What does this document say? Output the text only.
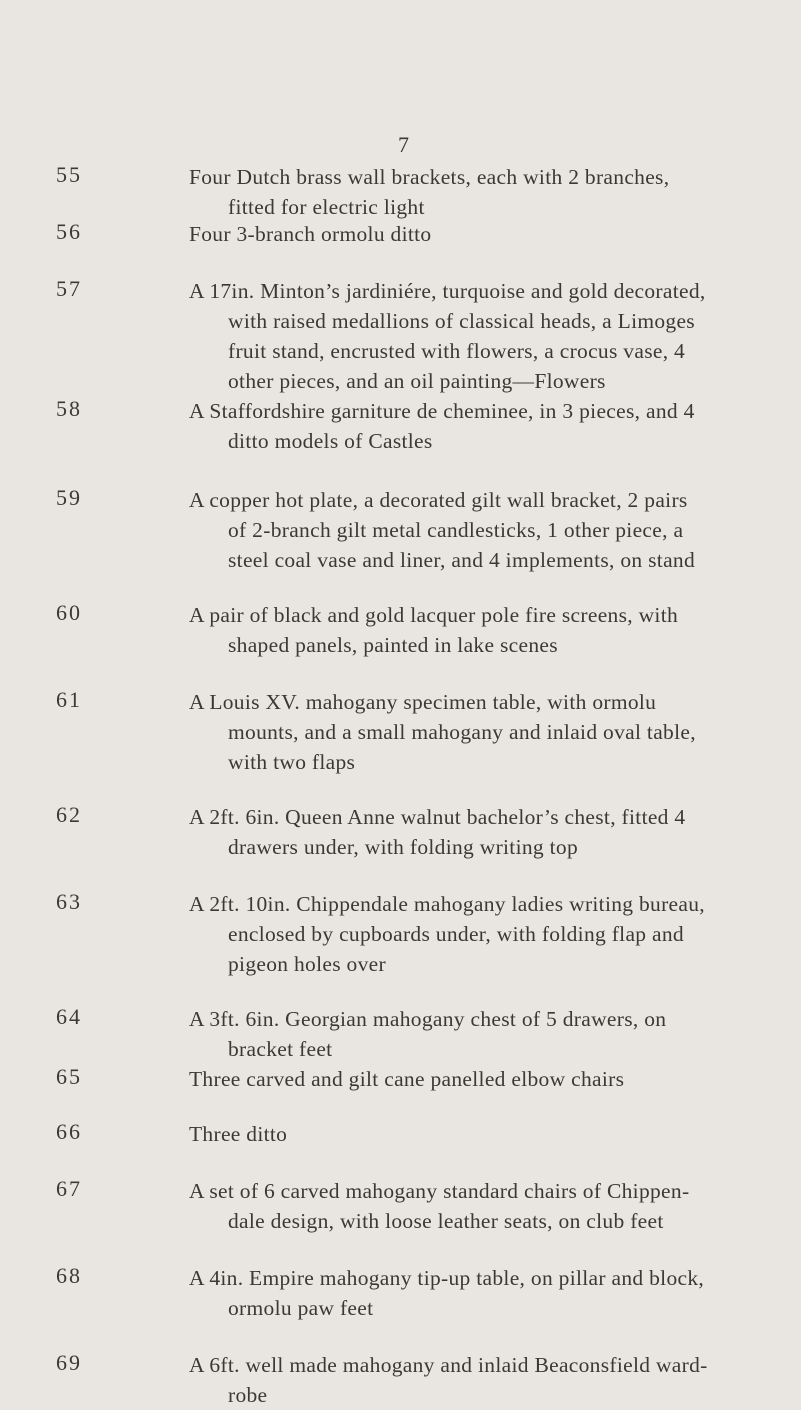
7
55	Four Dutch brass wall brackets, each with 2 branches,
fitted for electric light
56	Four 3-branch ormolu ditto
57	A 17in. Minton’s jardiniére, turquoise and gold decorated,
with raised medallions of classical heads, a Limoges
fruit stand, encrusted with flowers, a crocus vase, 4
other pieces, and an oil painting—Flowers
58	A Staffordshire garniture de cheminee, in 3 pieces, and 4
ditto models of Castles
59	A copper hot plate, a decorated gilt wall bracket, 2 pairs
of 2-branch gilt metal candlesticks, 1 other piece, a
steel coal vase and liner, and 4 implements, on stand
60	A pair of black and gold lacquer pole fire screens, with
shaped panels, painted in lake scenes
61	A Louis XV. mahogany specimen table, with ormolu
mounts, and a small mahogany and inlaid oval table,
with two flaps
62	A 2ft. 6in. Queen Anne walnut bachelor’s chest, fitted 4
drawers under, with folding writing top
63	A 2ft. 10in. Chippendale mahogany ladies writing bureau,
enclosed by cupboards under, with folding flap and
pigeon holes over
64	A 3ft. 6in. Georgian mahogany chest of 5 drawers, on
bracket feet
65	Three carved and gilt cane panelled elbow chairs
66	Three ditto
67	A set of 6 carved mahogany standard chairs of Chippen-
dale design, with loose leather seats, on club feet
68	A 4in. Empire mahogany tip-up table, on pillar and block,
ormolu paw feet
69	A 6ft. well made mahogany and inlaid Beaconsfield ward-
robe
